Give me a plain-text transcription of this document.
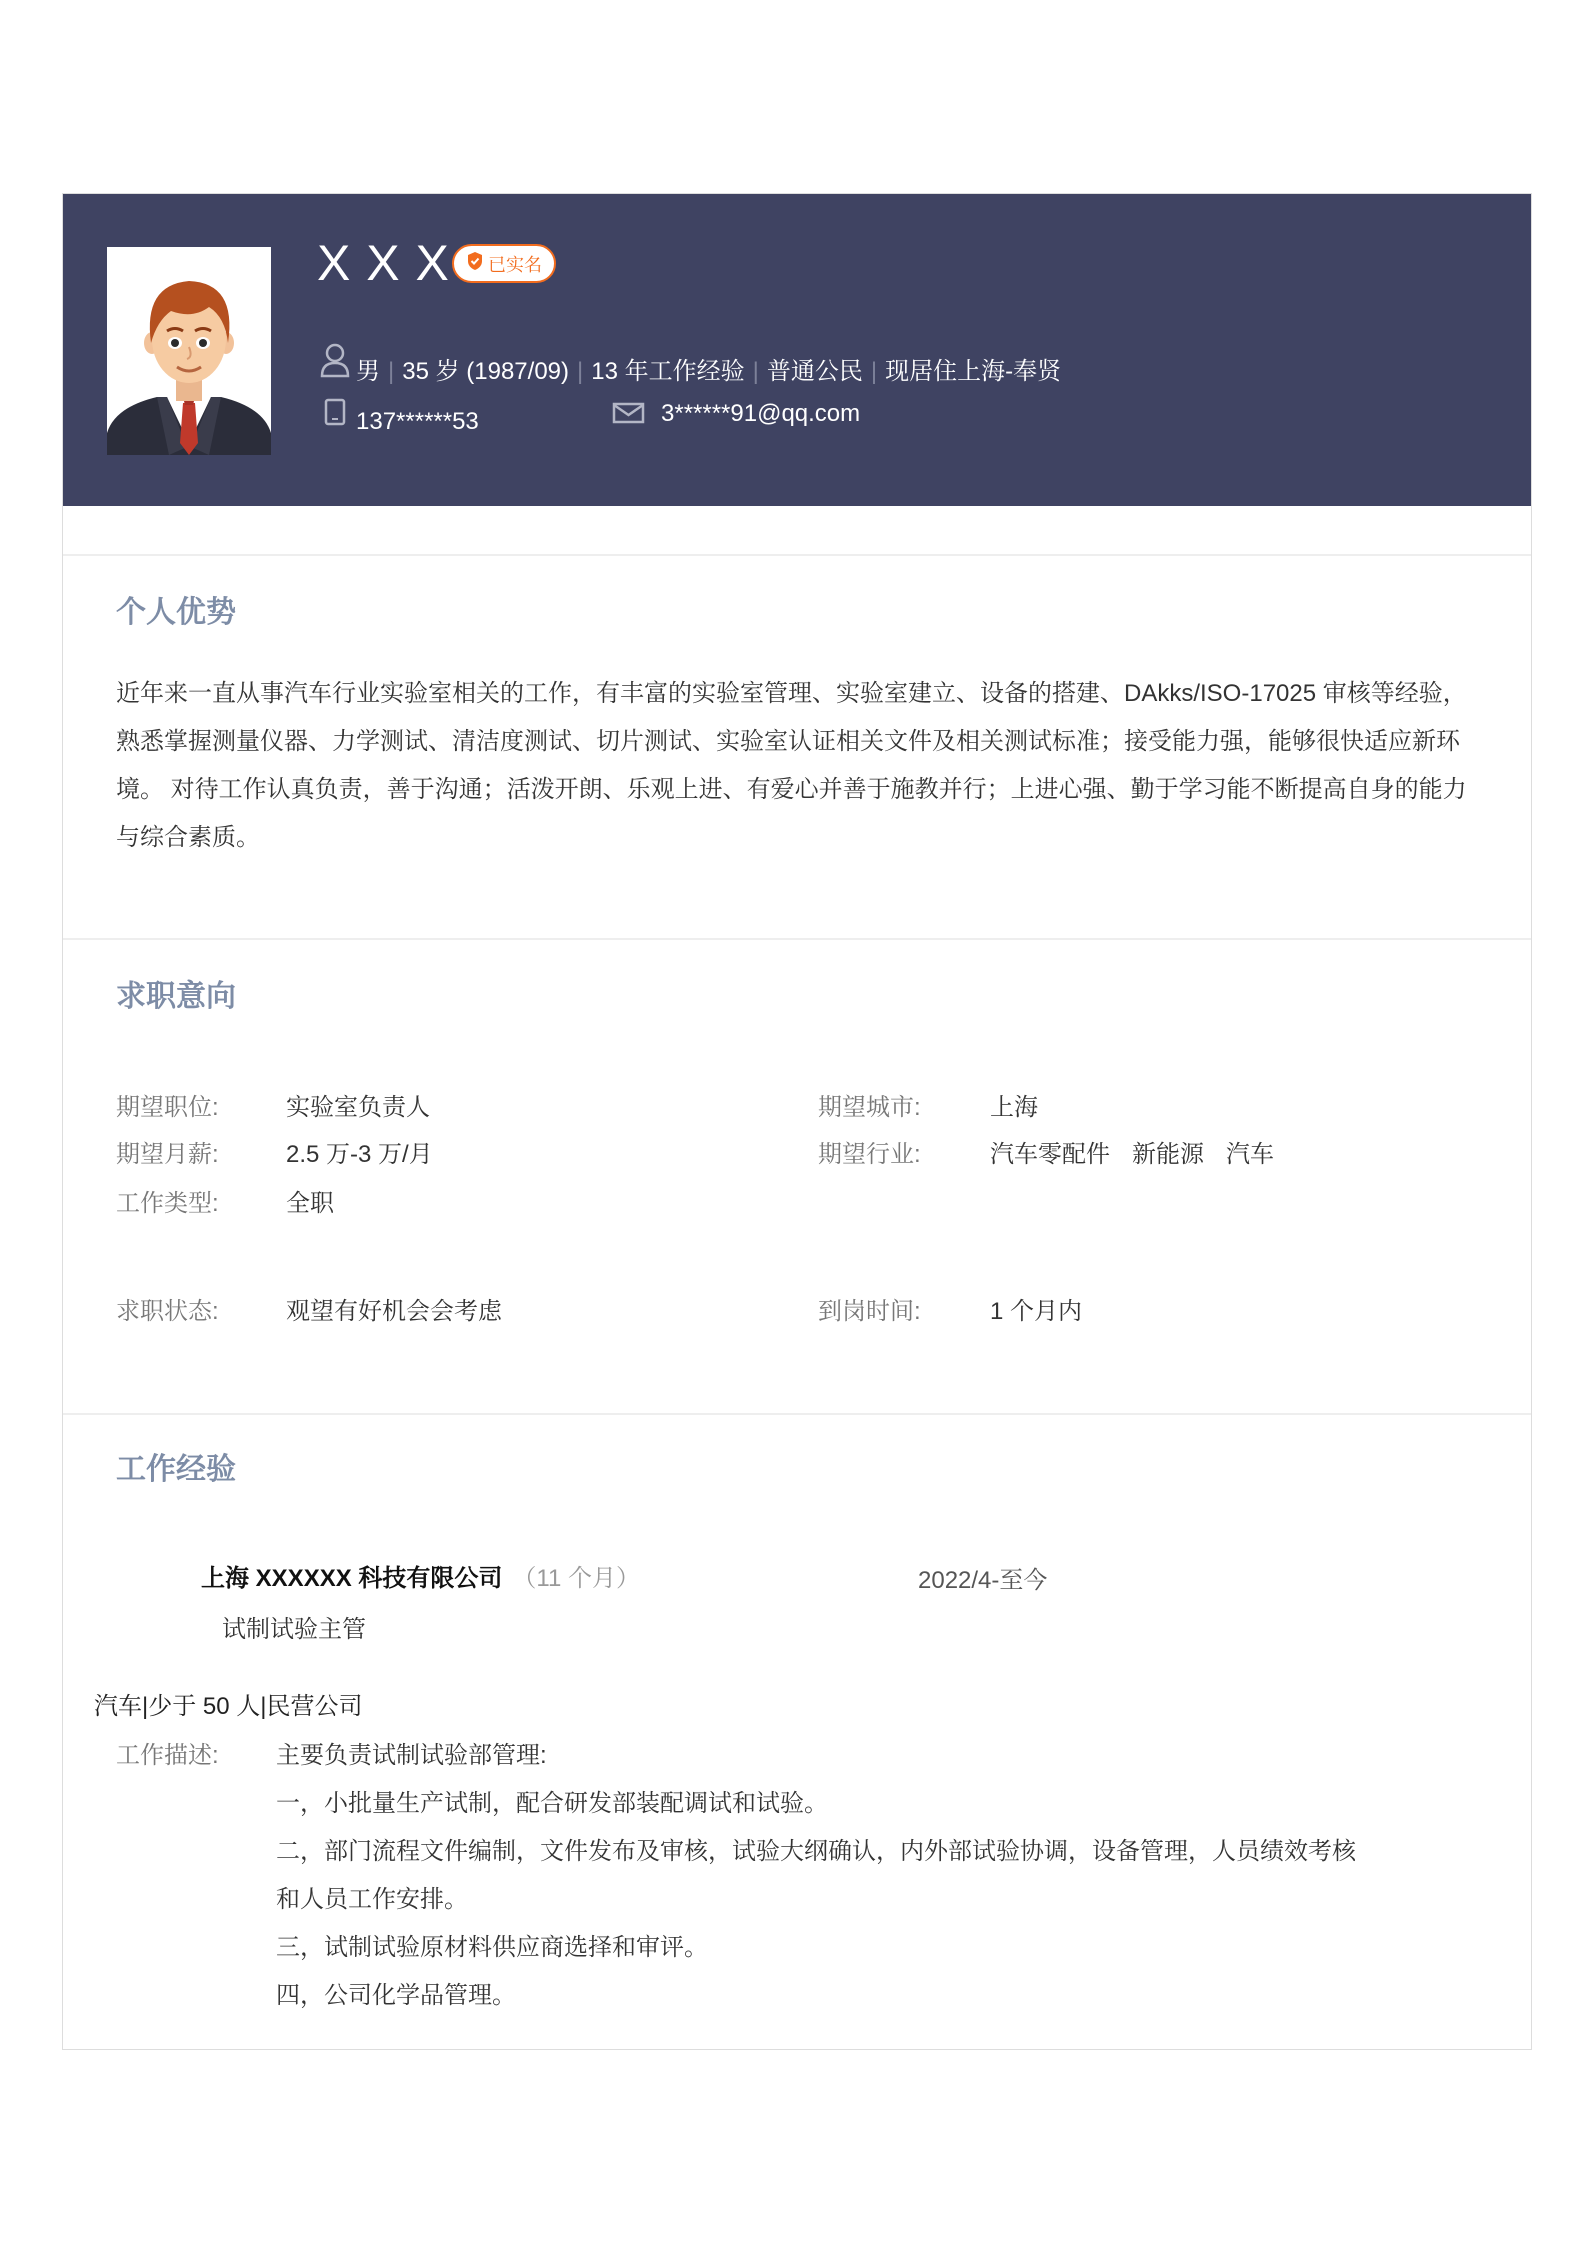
X X X 已实名
男 | 35 岁 (1987/09) | 13 年工作经验 | 普通公民 | 现居住上海-奉贤
137******53	3******91@qq.com
个人优势
近年来一直从事汽车行业实验室相关的工作，有丰富的实验室管理、实验室建立、设备的搭建、DAkks/ISO-17025 审核等经验，熟悉掌握测量仪器、力学测试、清洁度测试、切片测试、实验室认证相关文件及相关测试标准；接受能力强，能够很快适应新环境。 对待工作认真负责，善于沟通；活泼开朗、乐观上进、有爱心并善于施教并行；上进心强、勤于学习能不断提高自身的能力与综合素质。
求职意向
期望职位:	实验室负责人	期望城市:	上海
期望月薪:	2.5 万-3 万/月	期望行业:	汽车零配件 新能源 汽车
工作类型:	全职
求职状态:	观望有好机会会考虑	到岗时间:	1 个月内
工作经验
上海 XXXXXX 科技有限公司 （11 个月）	2022/4-至今
试制试验主管
汽车|少于 50 人|民营公司
工作描述: 主要负责试制试验部管理:
一，小批量生产试制，配合研发部装配调试和试验。
二，部门流程文件编制，文件发布及审核，试验大纲确认，内外部试验协调，设备管理，人员绩效考核和人员工作安排。
三，试制试验原材料供应商选择和审评。
四，公司化学品管理。
